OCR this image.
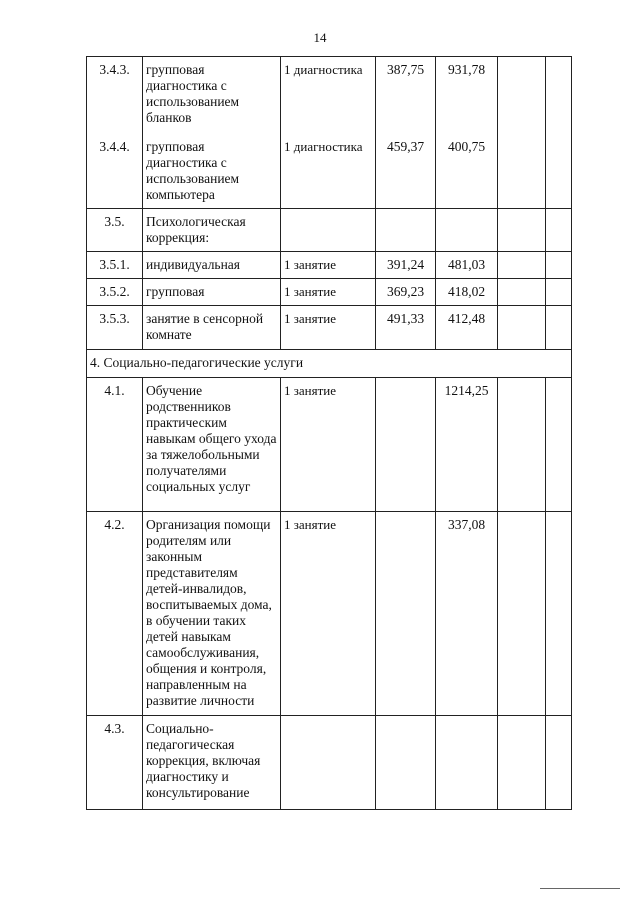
14
3.4.3.	групповая диагностика с использованием бланков	1 диагностика	387,75	931,78		
3.4.4.	групповая диагностика с использованием компьютера	1 диагностика	459,37	400,75		
3.5.	Психологическая коррекция:					
3.5.1.	индивидуальная	1 занятие	391,24	481,03		
3.5.2.	групповая	1 занятие	369,23	418,02		
3.5.3.	занятие в сенсорной комнате	1 занятие	491,33	412,48		
4. Социально-педагогические услуги						
4.1.	Обучение родственников практическим навыкам общего ухода за тяжелобольными получателями социальных услуг	1 занятие		1214,25		
4.2.	Организация помощи родителям или законным представителям детей-инвалидов, воспитываемых дома, в обучении таких детей навыкам самообслуживания, общения и контроля, направленным на развитие личности	1 занятие		337,08		
4.3.	Социально-педагогическая коррекция, включая диагностику и консультирование					
